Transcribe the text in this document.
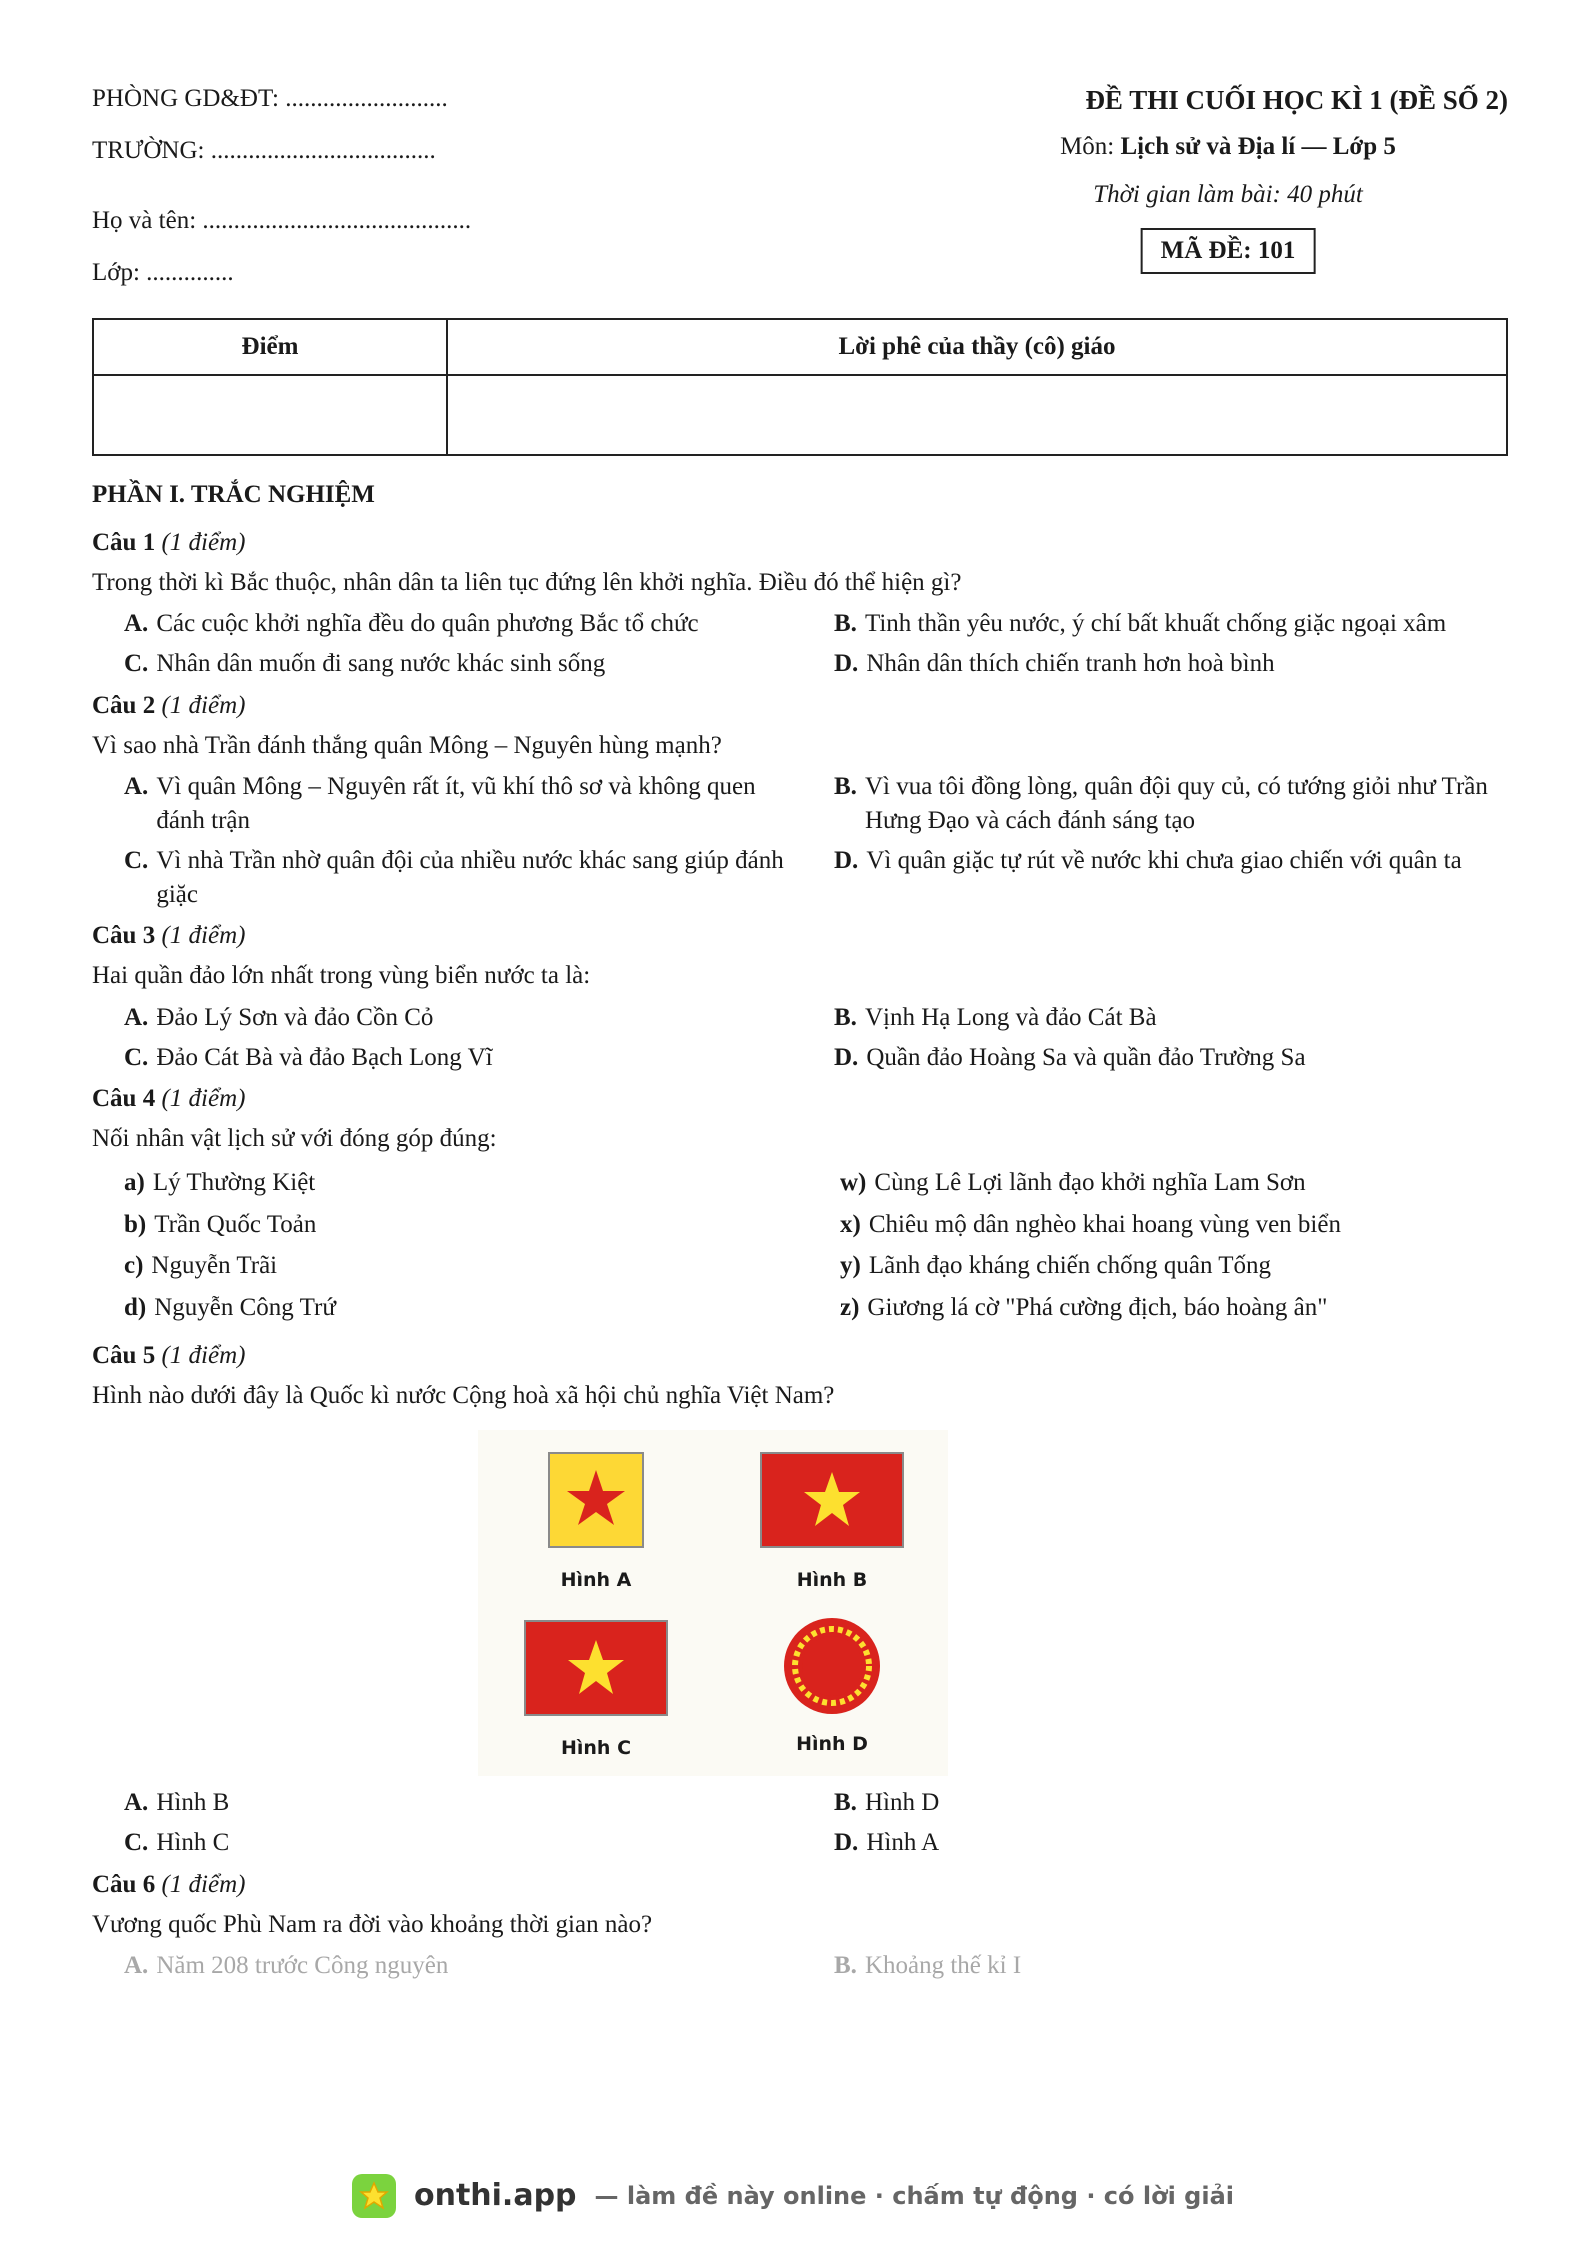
PHÒNG GD&ĐT: ..........................
TRƯỜNG: ....................................
Họ và tên: ...........................................
Lớp: ..............
ĐỀ THI CUỐI HỌC KÌ 1 (ĐỀ SỐ 2)
Môn: Lịch sử và Địa lí — Lớp 5
Thời gian làm bài: 40 phút
MÃ ĐỀ: 101
Điểm	Lời phê của thầy (cô) giáo

PHẦN I. TRẮC NGHIỆM
Câu 1 (1 điểm)
Trong thời kì Bắc thuộc, nhân dân ta liên tục đứng lên khởi nghĩa. Điều đó thể hiện gì?
A. Các cuộc khởi nghĩa đều do quân phương Bắc tổ chức	B. Tinh thần yêu nước, ý chí bất khuất chống giặc ngoại xâm
C. Nhân dân muốn đi sang nước khác sinh sống	D. Nhân dân thích chiến tranh hơn hoà bình
Câu 2 (1 điểm)
Vì sao nhà Trần đánh thắng quân Mông – Nguyên hùng mạnh?
A. Vì quân Mông – Nguyên rất ít, vũ khí thô sơ và không quen đánh trận
B. Vì vua tôi đồng lòng, quân đội quy củ, có tướng giỏi như Trần Hưng Đạo và cách đánh sáng tạo
C. Vì nhà Trần nhờ quân đội của nhiều nước khác sang giúp đánh giặc
D. Vì quân giặc tự rút về nước khi chưa giao chiến với quân ta
Câu 3 (1 điểm)
Hai quần đảo lớn nhất trong vùng biển nước ta là:
A. Đảo Lý Sơn và đảo Cồn Cỏ	B. Vịnh Hạ Long và đảo Cát Bà
C. Đảo Cát Bà và đảo Bạch Long Vĩ	D. Quần đảo Hoàng Sa và quần đảo Trường Sa
Câu 4 (1 điểm)
Nối nhân vật lịch sử với đóng góp đúng:
a) Lý Thường Kiệt	w) Cùng Lê Lợi lãnh đạo khởi nghĩa Lam Sơn
b) Trần Quốc Toản	x) Chiêu mộ dân nghèo khai hoang vùng ven biển
c) Nguyễn Trãi	y) Lãnh đạo kháng chiến chống quân Tống
d) Nguyễn Công Trứ	z) Giương lá cờ "Phá cường địch, báo hoàng ân"
Câu 5 (1 điểm)
Hình nào dưới đây là Quốc kì nước Cộng hoà xã hội chủ nghĩa Việt Nam?
Hình A	Hình B
Hình C	Hình D
A. Hình B	B. Hình D
C. Hình C	D. Hình A
Câu 6 (1 điểm)
Vương quốc Phù Nam ra đời vào khoảng thời gian nào?
A. Năm 208 trước Công nguyên	B. Khoảng thế kỉ I
onthi.app — làm đề này online · chấm tự động · có lời giải
